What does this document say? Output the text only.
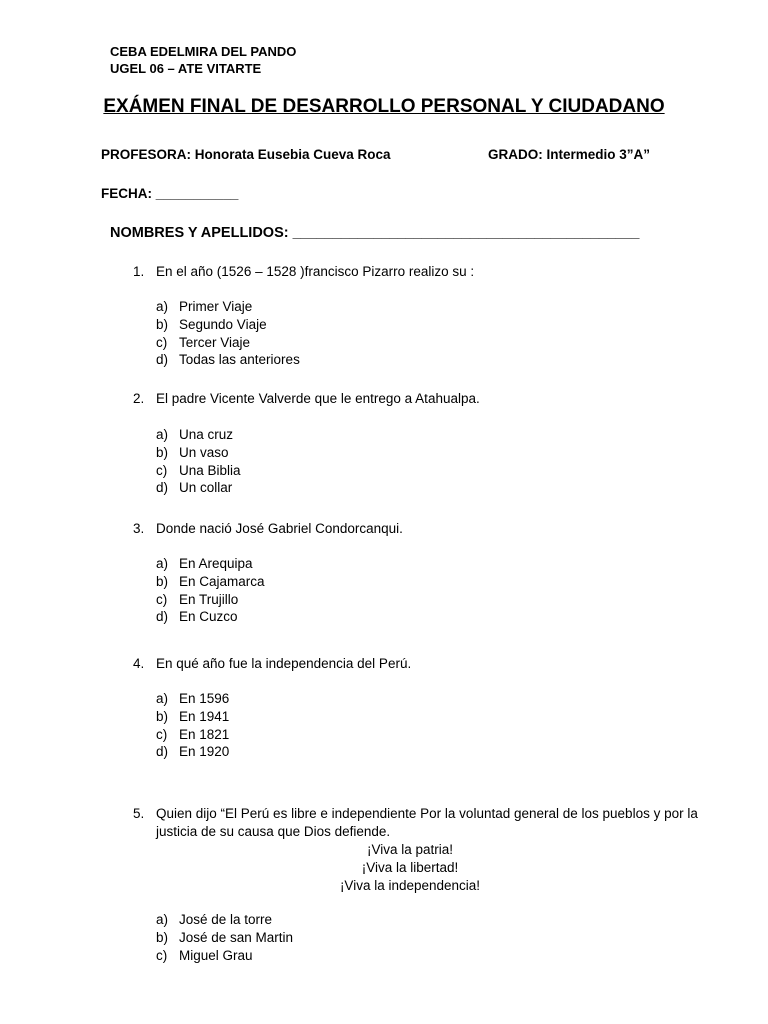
CEBA EDELMIRA DEL PANDO
UGEL 06 – ATE VITARTE
EXÁMEN FINAL DE DESARROLLO PERSONAL Y CIUDADANO
PROFESORA: Honorata Eusebia Cueva Roca	GRADO: Intermedio 3”A”
FECHA: ___________
NOMBRES Y APELLIDOS: ___________________________________________
1. En el año (1526 – 1528 )francisco Pizarro realizo su :
a) Primer Viaje
b) Segundo Viaje
c) Tercer Viaje
d) Todas las anteriores
2. El padre Vicente Valverde que le entrego a Atahualpa.
a) Una cruz
b) Un vaso
c) Una Biblia
d) Un collar
3. Donde nació José Gabriel Condorcanqui.
a) En Arequipa
b) En Cajamarca
c) En Trujillo
d) En Cuzco
4. En qué año fue la independencia del Perú.
a) En 1596
b) En 1941
c) En 1821
d) En 1920
5. Quien dijo “El Perú es libre e independiente Por la voluntad general de los pueblos y por la justicia de su causa que Dios defiende.
¡Viva la patria!
¡Viva la libertad!
¡Viva la independencia!
a) José de la torre
b) José de san Martin
c) Miguel Grau
